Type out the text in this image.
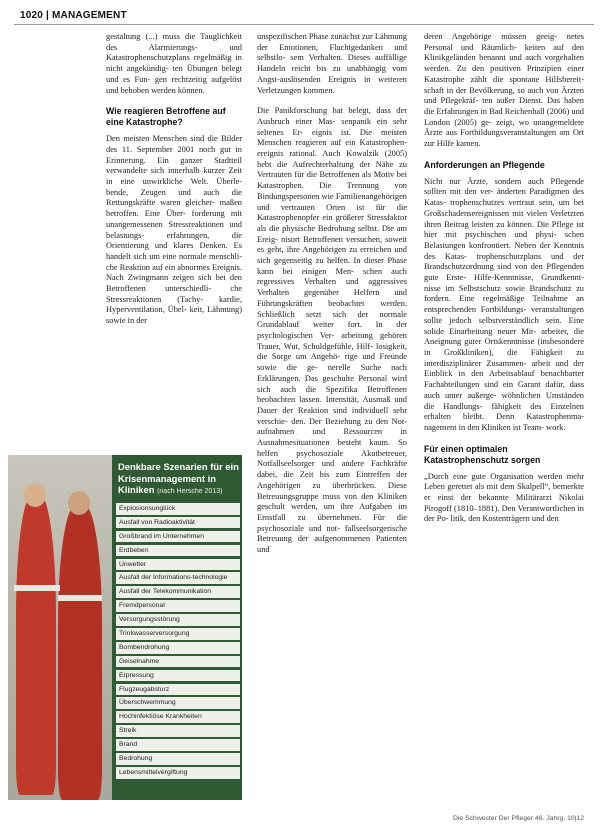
1020 | MANAGEMENT

gestaltung (...) muss die Tauglichkeit des Alarmierungs- und Katastrophenschutzplans regelmäßig in nicht angekündig- ten Übungen belegt und es Fun- gen rechtzeitig aufgelöst und behoben werden können.

Wie reagieren Betroffene auf eine Katastrophe?

Den meisten Menschen sind die Bilder des 11. September 2001 noch gut in Erinnerung. Ein ganzer Stadtteil verwandelte sich innerhalb kurzer Zeit in eine unwirkliche Welt. Überle- bende, Zeugen und auch die Rettungskräfte waren gleicher- maßen betroffen. Eine Über- forderung mit unangemessenen Stressreaktionen und belastungs- erfahrungen, die Orientierung und klares Denken. Es handelt sich um eine normale menschli- che Reaktion auf ein abnormes Ereignis. Nach Zwingmann zeigen sich bei den Betroffenen unterschiedli- che Stressreaktionen (Tachy- kardie, Hyperventilation, Übel- keit, Lähmung) sowie in der

unspezifischen Phase zunächst zur Lähmung der Emotionen, Fluchtgedanken und selbstlo- sem Verhalten. Dieses auffällige Handeln reicht bis zu unabhängig vom Angst-auslösenden Ereignis in weiteren Verletzungen kommen.

Die Panikforschung hat belegt, dass der Ausbruch einer Mas- senpanik ein sehr seltenes Er- eignis ist. Die meisten Menschen reagieren auf ein Katastrophen- ereignis rational. Auch Kowalzik (2005) hebt die Aufrechterhaltung der Nähe zu Vertrauten für die Betroffenen als Motiv bei Katastrophen. Die Trennung von Bindungspersonen wie Familienangehörigen und vertrauten Orten ist für die Katastrophenopfer ein größerer Stressfaktor als die physische Bedrohung selbst. Die am Ereig- nisort Betroffenen versuchen, soweit es geht, ihre Angehörigen zu erreichen und sich gegenseitig zu helfen. In dieser Phase kann bei einigen Men- schen auch regressives Verhalten und aggressives Verhalten gegenüber Helfern und Führungskräften beobachtet werden. Schließlich setzt sich der normale Grundablauf weiter fort. In der psychologischen Ver- arbeitung gehören Trauer, Wut, Schuldgefühle, Hilf- losigkeit, die Sorge um Angehö- rige und Freunde sowie die ge- nerelle Suche nach Erklärungen. Das geschulte Personal wird sich auch die Spezifika Betroffenen beobachten lassen. Intensität, Ausmaß und Dauer der Reaktion sind individuell sehr verschie- den. Der Beziehung zu den Not- aufnahmen und Ressourcen in Ausnahmesituationen besteht kaum. So helfen psychosoziale Akutbetreuer, Notfallseelsorger und andere Fachkräfte dabei, die Zeit bis zum Eintreffen der Angehörigen zu überbrücken. Diese Betreuungsgruppe muss von den Kliniken geschult werden, um ihre Aufgaben im Ernstfall zu übernehmen. Für die psychosoziale und not- fallseelsorgerische Betreuung der aufgenommenen Patienten und

deren Angehörige müssen geeig- netes Personal und Räumlich- keiten auf den Klinikgeländen benannt und auch vorgehalten werden. Zu den positiven Prinzipien einer Katastrophe zählt die spontane Hilfsbereit- schaft in der Bevölkerung, so auch von Ärzten und Pflegekräf- ten außer Dienst. Das haben die Erfahrungen in Bad Reichenhall (2006) und London (2005) ge- zeigt, wo unangemeldete Ärzte aus Fortbildungsveranstaltungen am Ort zur Hilfe kamen.

Anforderungen an Pflegende

Nicht nur Ärzte, sondern auch Pflegende sollten mit den ver- änderten Paradigmen des Katas- trophenschutzes vertraut sein, um bei Großschadensereignissen mit vielen Verletzten ihren Beitrag leisten zu können. Die Pflege ist hier mit psychischen und physi- schen Belastungen konfrontiert. Neben der Kenntnis des Katas- trophenschutzplans und der Brandschutzordnung sind von den Pflegenden gute Erste- Hilfe-Kenntnisse, Grundkennt- nisse im Selbstschutz sowie Brandschutz zu fordern. Eine regelmäßige Teilnahme an entsprechenden Fortbildungs- veranstaltungen sollte jedoch selbstverständlich sein. Eine solide Einarbeitung neuer Mit- arbeiter, die Aneignung guter Ortskenntnisse (insbesondere in Großkliniken), die Fähigkeit zu interdisziplinärer Zusammen- arbeit und der Einblick in den Arbeitsablauf benachbarter Fachabteilungen sind ein Garant dafür, dass auch unter außerge- wöhnlichen Umständen die Handlungs- fähigkeit des Einzelnen erhalten bleibt. Denn Katastrophenma- nagement in den Kliniken ist Team- work.

Für einen optimalen Katastrophenschutz sorgen

„Durch eine gute Organisation werden mehr Leben gerettet als mit dem Skalpell“, bemerkte er einst der bekannte Militärarzt Nikolai Pirogoff (1810–1881). Den Verantwortlichen in der Po- litik, den Kostenträgern und den

Denkbare Szenarien für ein Krisenmanagement in Kliniken (nach Hersche 2013)
Explosionsunglück
Ausfall von Radioaktivität
Großbrand im Unternehmen
Erdbeben
Unwetter
Ausfall der Informations-technologie
Ausfall der Telekommunikation
Fremdpersonal
Versorgungsstörung
Trinkwasserversorgung
Bombendrohung
Geiselnahme
Erpressung
Flugzeugabsturz
Überschwemmung
Hochinfektiöse Krankheiten
Streik
Brand
Bedrohung
Lebensmittelvergiftung
Die Schwester Der Pfleger 46. Jahrg. 10|12
